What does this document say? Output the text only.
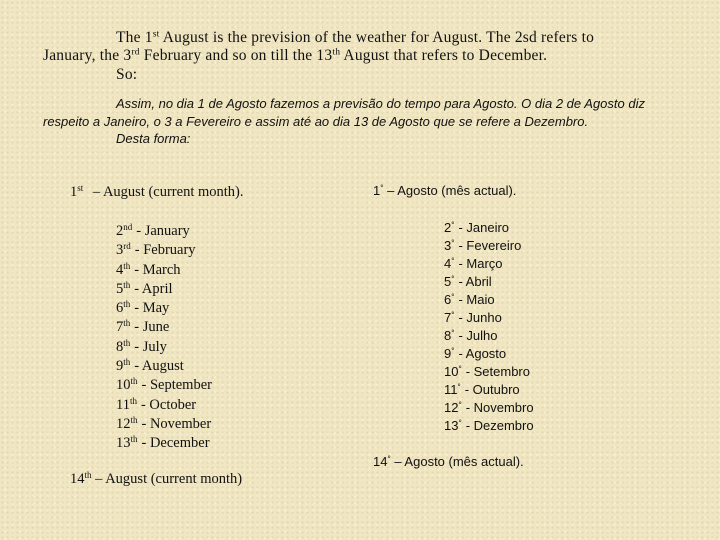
The 1st August is the prevision of the weather for August. The 2sd refers to
January, the 3rd February and so on till the 13th August that refers to December.
So:
Assim, no dia 1 de Agosto fazemos a previsão do tempo para Agosto. O dia 2 de Agosto diz
respeito a Janeiro, o 3 a Fevereiro e assim até ao dia 13 de Agosto que se refere a Dezembro.
Desta forma:
1st – August (current month).
2nd - January
3rd - February
4th - March
5th - April
6th - May
7th - June
8th - July
9th - August
10th - September
11th - October
12th - November
13th - December
14th – August (current month)
1° – Agosto (mês actual).
2° - Janeiro
3° - Fevereiro
4° - Março
5° - Abril
6° - Maio
7° - Junho
8° - Julho
9° - Agosto
10° - Setembro
11° - Outubro
12° - Novembro
13° - Dezembro
14° – Agosto (mês actual).
